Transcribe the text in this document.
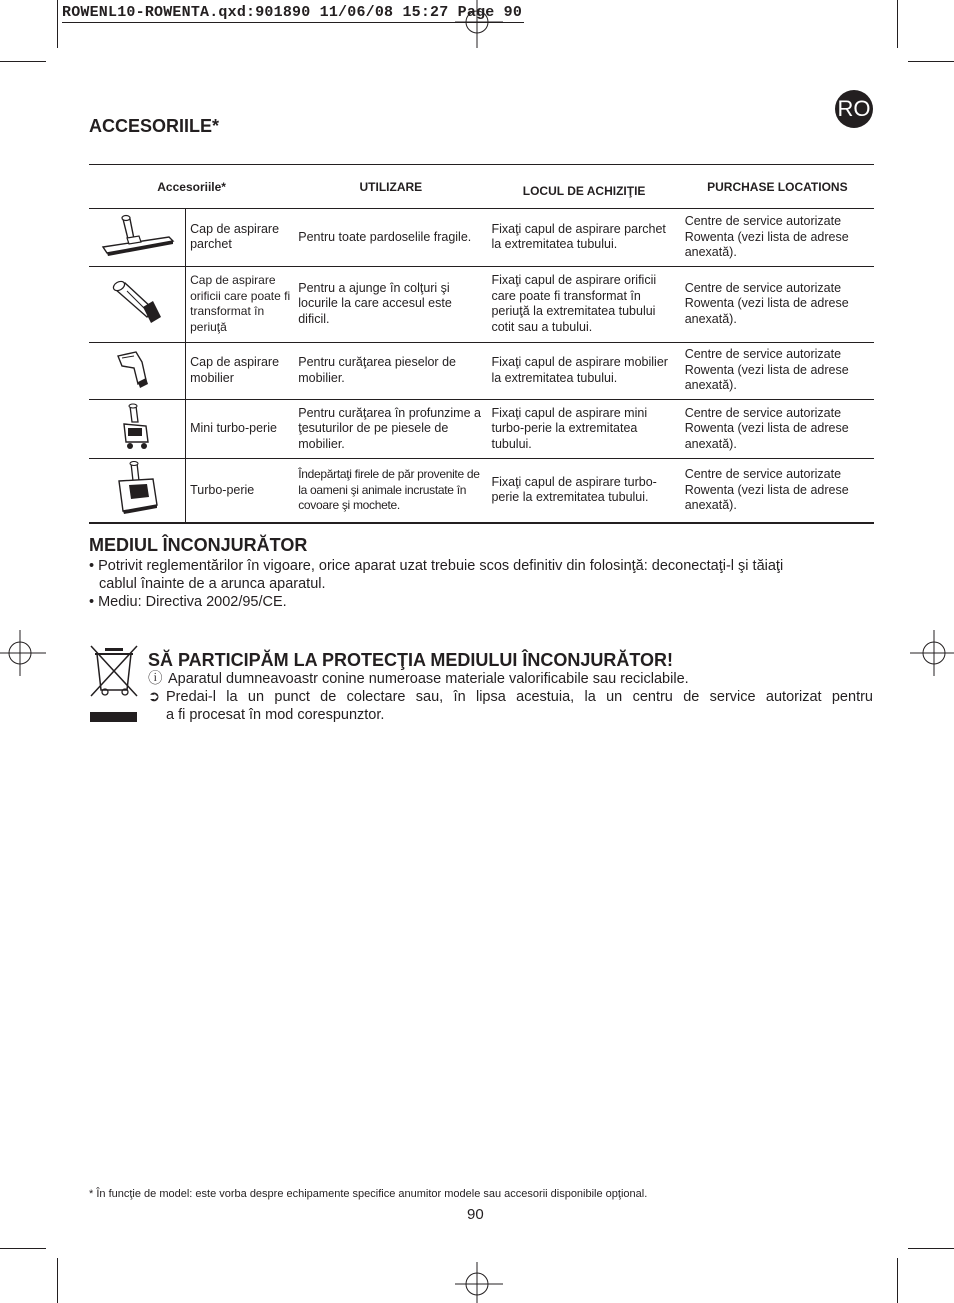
ROWENL10-ROWENTA.qxd:901890 11/06/08 15:27 Page 90
RO
ACCESORIILE*
Accesoriile*		UTILIZARE	LOCUL DE ACHIZIŢIE	PURCHASE LOCATIONS
	Cap de aspirare parchet	Pentru toate pardoselile fragile.	Fixaţi capul de aspirare parchet la extremitatea tubului.	Centre de service autorizate Rowenta (vezi lista de adrese anexată).
	Cap de aspirare orificii care poate fi transformat în periuţă	Pentru a ajunge în colţuri şi locurile la care accesul este dificil.	Fixaţi capul de aspirare orificii care poate fi transformat în periuţă la extremitatea tubului cotit sau a tubului.	Centre de service autorizate Rowenta (vezi lista de adrese anexată).
	Cap de aspirare mobilier	Pentru curăţarea pieselor de mobilier.	Fixaţi capul de aspirare mobilier la extremitatea tubului.	Centre de service autorizate Rowenta (vezi lista de adrese anexată).
	Mini turbo-perie	Pentru curăţarea în profunzime a ţesuturilor de pe piesele de mobilier.	Fixaţi capul de aspirare mini turbo-perie la extremitatea tubului.	Centre de service autorizate Rowenta (vezi lista de adrese anexată).
	Turbo-perie	Îndepărtaţi firele de păr provenite de la oameni şi animale incrustate în covoare şi mochete.	Fixaţi capul de aspirare turbo-perie la extremitatea tubului.	Centre de service autorizate Rowenta (vezi lista de adrese anexată).
MEDIUL ÎNCONJURĂTOR
• Potrivit reglementărilor în vigoare, orice aparat uzat trebuie scos definitiv din folosinţă: deconectaţi-l şi tăiaţi
cablul înainte de a arunca aparatul.
• Mediu: Directiva 2002/95/CE.
SĂ PARTICIPĂM LA PROTECŢIA MEDIULUI ÎNCONJURĂTOR!
ⓘ Aparatul dumneavoastr conine numeroase materiale valorificabile sau reciclabile.
➲ Predai-l la un punct de colectare sau, în lipsa acestuia, la un centru de service autorizat pentru
a fi procesat în mod corespunztor.
* În funcţie de model: este vorba despre echipamente specifice anumitor modele sau accesorii disponibile opţional.
90
